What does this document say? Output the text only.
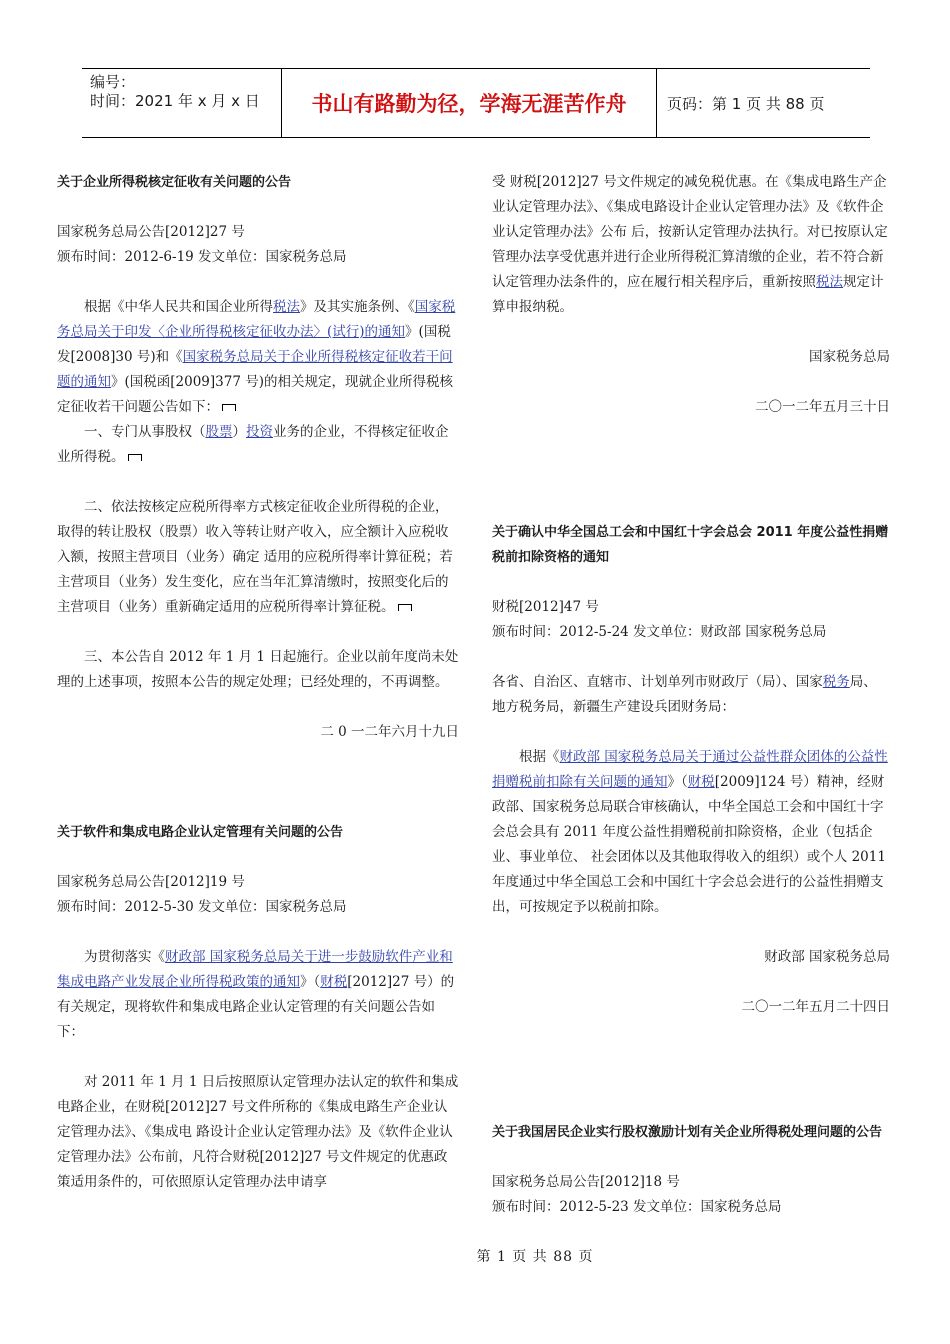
编号：
时间：2021 年 x 月 x 日	书山有路勤为径，学海无涯苦作舟	页码：第 1 页 共 88 页

关于企业所得税核定征收有关问题的公告

国家税务总局公告[2012]27 号

颁布时间：2012-6-19 发文单位：国家税务总局

根据《中华人民共和国企业所得税法》及其实施条例、《国家税务总局关于印发〈企业所得税核定征收办法〉(试行)的通知》(国税发[2008]30 号)和《国家税务总局关于企业所得税核定征收若干问题的通知》(国税函[2009]377 号)的相关规定，现就企业所得税核定征收若干问题公告如下：

一、专门从事股权（股票）投资业务的企业，不得核定征收企业所得税。

二、依法按核定应税所得率方式核定征收企业所得税的企业，取得的转让股权（股票）收入等转让财产收入，应全额计入应税收入额，按照主营项目（业务）确定 适用的应税所得率计算征税；若主营项目（业务）发生变化，应在当年汇算清缴时，按照变化后的主营项目（业务）重新确定适用的应税所得率计算征税。

三、本公告自 2012 年 1 月 1 日起施行。企业以前年度尚未处理的上述事项，按照本公告的规定处理；已经处理的，不再调整。

二 0 一二年六月十九日

关于软件和集成电路企业认定管理有关问题的公告

国家税务总局公告[2012]19 号

颁布时间：2012-5-30 发文单位：国家税务总局

为贯彻落实《财政部 国家税务总局关于进一步鼓励软件产业和集成电路产业发展企业所得税政策的通知》（财税[2012]27 号）的有关规定，现将软件和集成电路企业认定管理的有关问题公告如下：

对 2011 年 1 月 1 日后按照原认定管理办法认定的软件和集成电路企业，在财税[2012]27 号文件所称的《集成电路生产企业认定管理办法》、《集成电 路设计企业认定管理办法》及《软件企业认定管理办法》公布前，凡符合财税[2012]27 号文件规定的优惠政策适用条件的，可依照原认定管理办法申请享

受 财税[2012]27 号文件规定的减免税优惠。在《集成电路生产企业认定管理办法》、《集成电路设计企业认定管理办法》及《软件企业认定管理办法》公布 后，按新认定管理办法执行。对已按原认定管理办法享受优惠并进行企业所得税汇算清缴的企业，若不符合新认定管理办法条件的，应在履行相关程序后，重新按照税法规定计算申报纳税。

国家税务总局

二〇一二年五月三十日

关于确认中华全国总工会和中国红十字会总会 2011 年度公益性捐赠税前扣除资格的通知

财税[2012]47 号

颁布时间：2012-5-24 发文单位：财政部 国家税务总局

各省、自治区、直辖市、计划单列市财政厅（局）、国家税务局、地方税务局，新疆生产建设兵团财务局：

根据《财政部 国家税务总局关于通过公益性群众团体的公益性捐赠税前扣除有关问题的通知》（财税[2009]124 号）精神，经财政部、国家税务总局联合审核确认，中华全国总工会和中国红十字会总会具有 2011 年度公益性捐赠税前扣除资格，企业（包括企业、事业单位、 社会团体以及其他取得收入的组织）或个人 2011 年度通过中华全国总工会和中国红十字会总会进行的公益性捐赠支出，可按规定予以税前扣除。

财政部 国家税务总局

二〇一二年五月二十四日

关于我国居民企业实行股权激励计划有关企业所得税处理问题的公告

国家税务总局公告[2012]18 号

颁布时间：2012-5-23 发文单位：国家税务总局

第 1 页 共 88 页
